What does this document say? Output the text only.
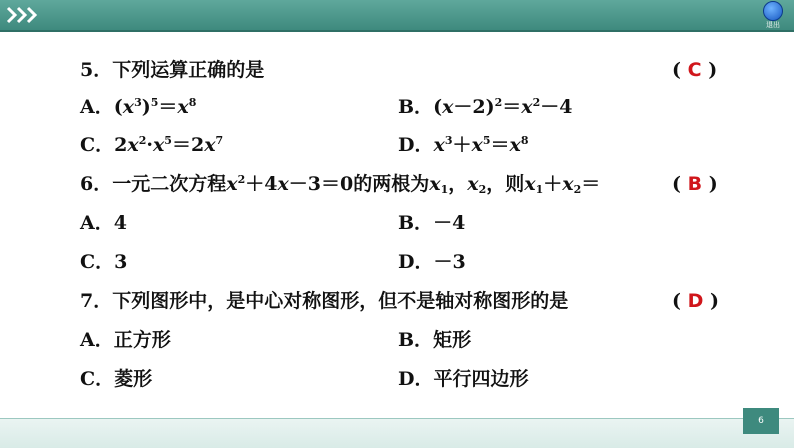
退出
5．下列运算正确的是	( C )
A．$(x^3)^5=x^8$	B．$(x-2)^2=x^2-4$
C．$2x^2\cdot x^5=2x^7$	D．$x^3+x^5=x^8$
6．一元二次方程$x^2+4x-3=0$的两根为$x_1$，$x_2$，则$x_1+x_2=$	( B )
A．4	B．－4
C．3	D．－3
7．下列图形中，是中心对称图形，但不是轴对称图形的是	( D )
A．正方形	B．矩形
C．菱形	D．平行四边形
6
